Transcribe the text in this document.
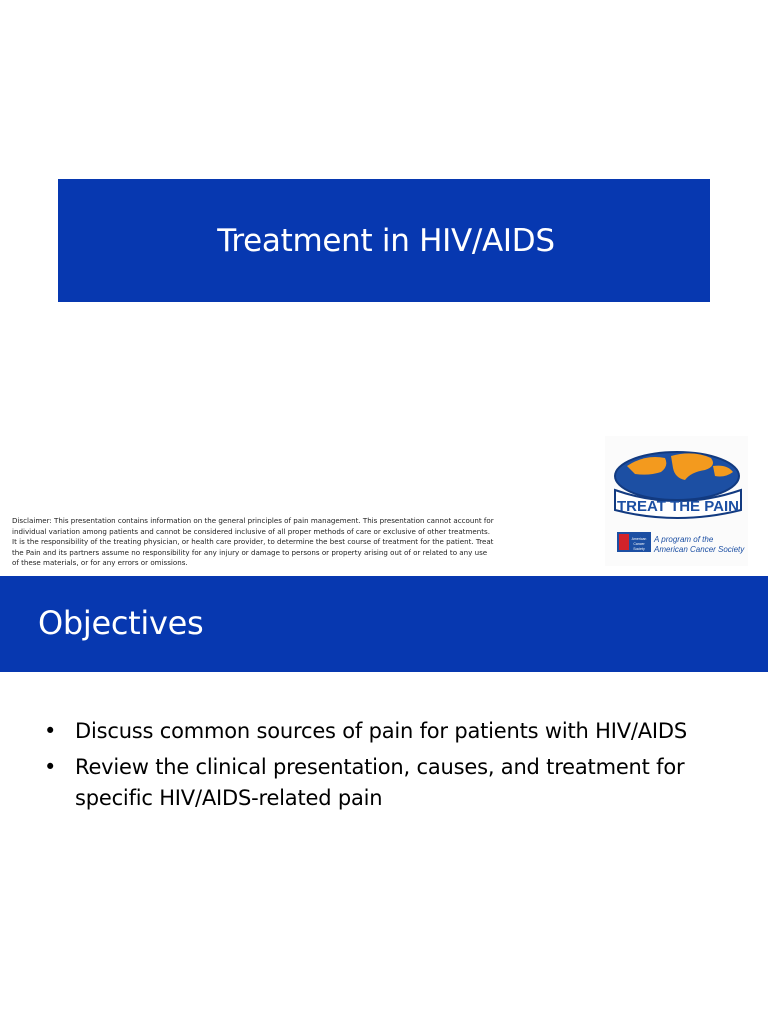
Treatment in HIV/AIDS
Disclaimer: This presentation contains information on the general principles of pain management. This presentation cannot account for individual variation among patients and cannot be considered inclusive of all proper methods of care or exclusive of other treatments. It is the responsibility of the treating physician, or health care provider, to determine the best course of treatment for the patient. Treat the Pain and its partners assume no responsibility for any injury or damage to persons or property arising out of or related to any use of these materials, or for any errors or omissions.
TREAT THE PAIN
American
Cancer
Society
A program of the
American Cancer Society
Objectives
• Discuss common sources of pain for patients with HIV/AIDS
• Review the clinical presentation, causes, and treatment for specific HIV/AIDS-related pain
